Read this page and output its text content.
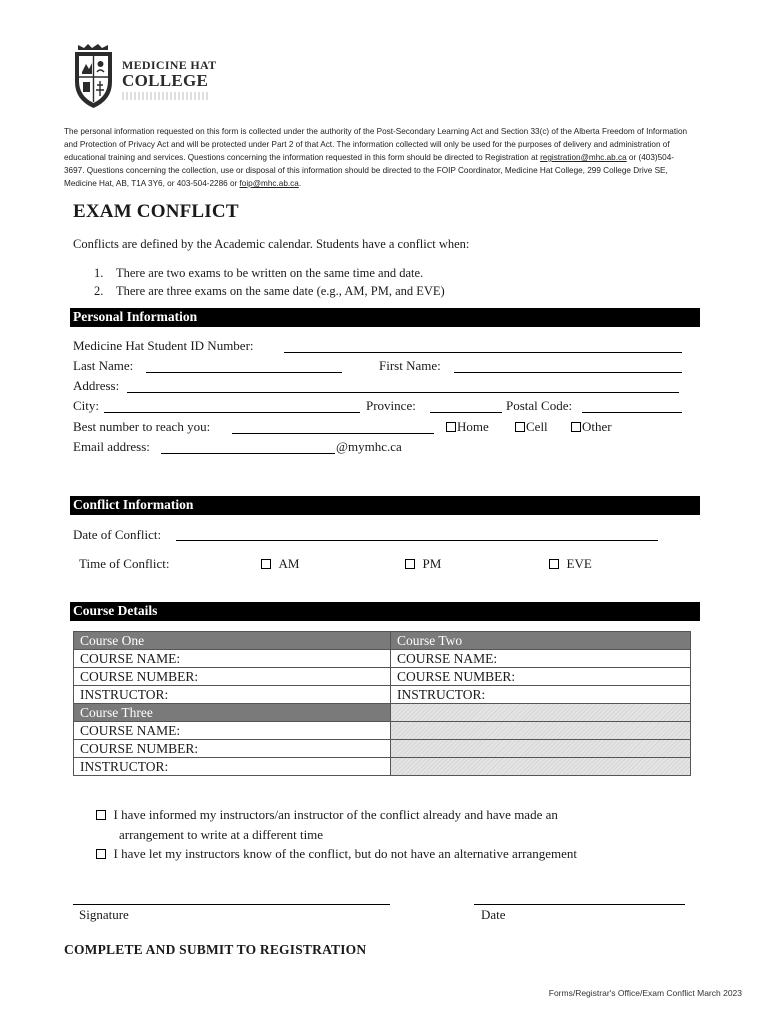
MEDICINE HAT
COLLEGE
The personal information requested on this form is collected under the authority of the Post-Secondary Learning Act and Section 33(c) of the Alberta Freedom of Information and Protection of Privacy Act and will be protected under Part 2 of that Act. The information collected will only be used for the purposes of delivery and administration of educational training and services. Questions concerning the information requested in this form should be directed to Registration at registration@mhc.ab.ca or (403)504-3697. Questions concerning the collection, use or disposal of this information should be directed to the FOIP Coordinator, Medicine Hat College, 299 College Drive SE, Medicine Hat, AB, T1A 3Y6, or 403-504-2286 or foip@mhc.ab.ca.
EXAM CONFLICT
Conflicts are defined by the Academic calendar. Students have a conflict when:
1. There are two exams to be written on the same time and date.
2. There are three exams on the same date (e.g., AM, PM, and EVE)
Personal Information
Medicine Hat Student ID Number:
Last Name:	First Name:
Address:
City:	Province:	Postal Code:
Best number to reach you:	Home	Cell	Other
Email address:	@mymhc.ca
Conflict Information
Date of Conflict:
Time of Conflict:	AM	PM	EVE
Course Details
Course One	Course Two
COURSE NAME:	COURSE NAME:
COURSE NUMBER:	COURSE NUMBER:
INSTRUCTOR:	INSTRUCTOR:
Course Three	
COURSE NAME:	
COURSE NUMBER:	
INSTRUCTOR:	
I have informed my instructors/an instructor of the conflict already and have made an
arrangement to write at a different time
I have let my instructors know of the conflict, but do not have an alternative arrangement
Signature	Date
COMPLETE AND SUBMIT TO REGISTRATION
Forms/Registrar's Office/Exam Conflict March 2023
